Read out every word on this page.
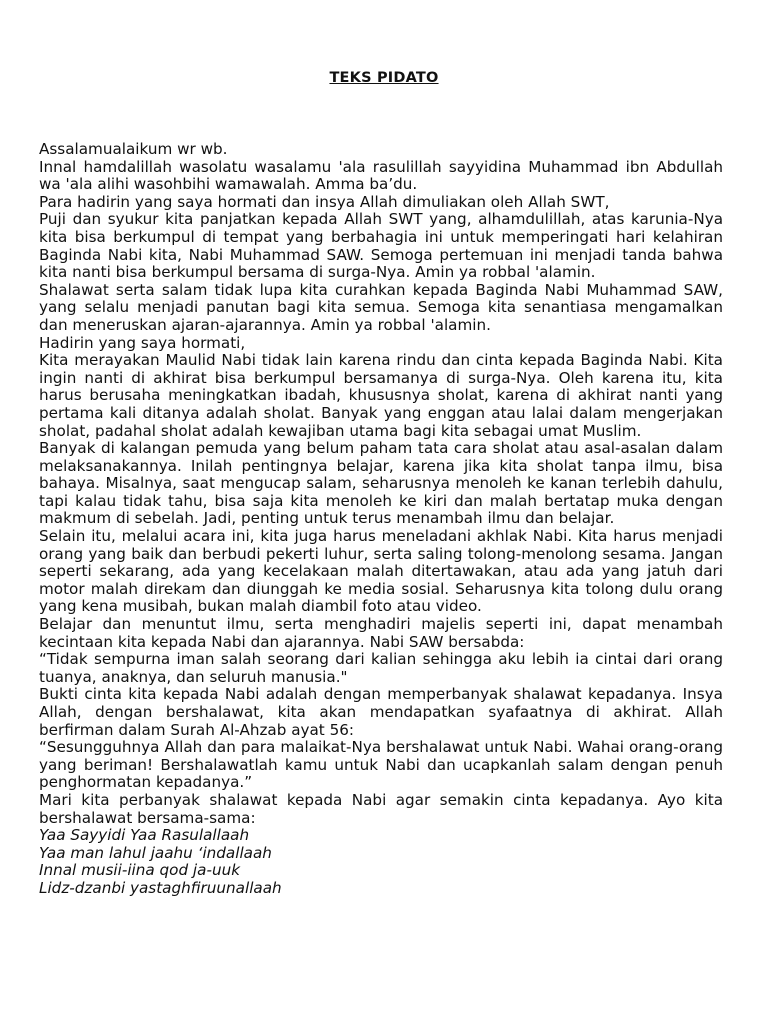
TEKS PIDATO

Assalamualaikum wr wb.

Innal hamdalillah wasolatu wasalamu 'ala rasulillah sayyidina Muhammad ibn Abdullah wa 'ala alihi wasohbihi wamawalah. Amma ba’du.

Para hadirin yang saya hormati dan insya Allah dimuliakan oleh Allah SWT,

Puji dan syukur kita panjatkan kepada Allah SWT yang, alhamdulillah, atas karunia-Nya kita bisa berkumpul di tempat yang berbahagia ini untuk memperingati hari kelahiran Baginda Nabi kita, Nabi Muhammad SAW. Semoga pertemuan ini menjadi tanda bahwa kita nanti bisa berkumpul bersama di surga-Nya. Amin ya robbal 'alamin.

Shalawat serta salam tidak lupa kita curahkan kepada Baginda Nabi Muhammad SAW, yang selalu menjadi panutan bagi kita semua. Semoga kita senantiasa mengamalkan dan meneruskan ajaran-ajarannya. Amin ya robbal 'alamin.

Hadirin yang saya hormati,

Kita merayakan Maulid Nabi tidak lain karena rindu dan cinta kepada Baginda Nabi. Kita ingin nanti di akhirat bisa berkumpul bersamanya di surga-Nya. Oleh karena itu, kita harus berusaha meningkatkan ibadah, khususnya sholat, karena di akhirat nanti yang pertama kali ditanya adalah sholat. Banyak yang enggan atau lalai dalam mengerjakan sholat, padahal sholat adalah kewajiban utama bagi kita sebagai umat Muslim.

Banyak di kalangan pemuda yang belum paham tata cara sholat atau asal-asalan dalam melaksanakannya. Inilah pentingnya belajar, karena jika kita sholat tanpa ilmu, bisa bahaya. Misalnya, saat mengucap salam, seharusnya menoleh ke kanan terlebih dahulu, tapi kalau tidak tahu, bisa saja kita menoleh ke kiri dan malah bertatap muka dengan makmum di sebelah. Jadi, penting untuk terus menambah ilmu dan belajar.

Selain itu, melalui acara ini, kita juga harus meneladani akhlak Nabi. Kita harus menjadi orang yang baik dan berbudi pekerti luhur, serta saling tolong-menolong sesama. Jangan seperti sekarang, ada yang kecelakaan malah ditertawakan, atau ada yang jatuh dari motor malah direkam dan diunggah ke media sosial. Seharusnya kita tolong dulu orang yang kena musibah, bukan malah diambil foto atau video.

Belajar dan menuntut ilmu, serta menghadiri majelis seperti ini, dapat menambah kecintaan kita kepada Nabi dan ajarannya. Nabi SAW bersabda:

“Tidak sempurna iman salah seorang dari kalian sehingga aku lebih ia cintai dari orang tuanya, anaknya, dan seluruh manusia."

Bukti cinta kita kepada Nabi adalah dengan memperbanyak shalawat kepadanya. Insya Allah, dengan bershalawat, kita akan mendapatkan syafaatnya di akhirat. Allah berfirman dalam Surah Al-Ahzab ayat 56:

“Sesungguhnya Allah dan para malaikat-Nya bershalawat untuk Nabi. Wahai orang-orang yang beriman! Bershalawatlah kamu untuk Nabi dan ucapkanlah salam dengan penuh penghormatan kepadanya.”

Mari kita perbanyak shalawat kepada Nabi agar semakin cinta kepadanya. Ayo kita bershalawat bersama-sama:

Yaa Sayyidi Yaa Rasulallaah

Yaa man lahul jaahu ‘indallaah

Innal musii-iina qod ja-uuk

Lidz-dzanbi yastaghfiruunallaah
